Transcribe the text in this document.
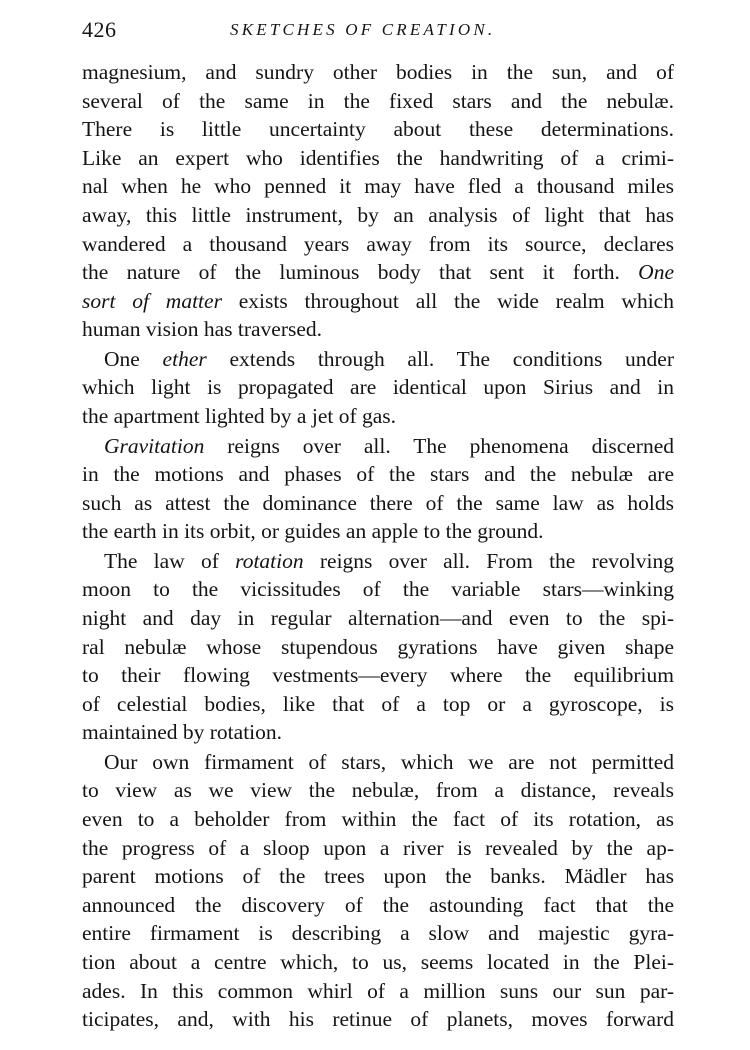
426	SKETCHES OF CREATION.
magnesium, and sundry other bodies in the sun, and of
several of the same in the fixed stars and the nebulæ.
There is little uncertainty about these determinations.
Like an expert who identifies the handwriting of a crimi-
nal when he who penned it may have fled a thousand miles
away, this little instrument, by an analysis of light that has
wandered a thousand years away from its source, declares
the nature of the luminous body that sent it forth. One
sort of matter exists throughout all the wide realm which
human vision has traversed.
One ether extends through all. The conditions under
which light is propagated are identical upon Sirius and in
the apartment lighted by a jet of gas.
Gravitation reigns over all. The phenomena discerned
in the motions and phases of the stars and the nebulæ are
such as attest the dominance there of the same law as holds
the earth in its orbit, or guides an apple to the ground.
The law of rotation reigns over all. From the revolving
moon to the vicissitudes of the variable stars—winking
night and day in regular alternation—and even to the spi-
ral nebulæ whose stupendous gyrations have given shape
to their flowing vestments—every where the equilibrium
of celestial bodies, like that of a top or a gyroscope, is
maintained by rotation.
Our own firmament of stars, which we are not permitted
to view as we view the nebulæ, from a distance, reveals
even to a beholder from within the fact of its rotation, as
the progress of a sloop upon a river is revealed by the ap-
parent motions of the trees upon the banks. Mädler has
announced the discovery of the astounding fact that the
entire firmament is describing a slow and majestic gyra-
tion about a centre which, to us, seems located in the Plei-
ades. In this common whirl of a million suns our sun par-
ticipates, and, with his retinue of planets, moves forward
